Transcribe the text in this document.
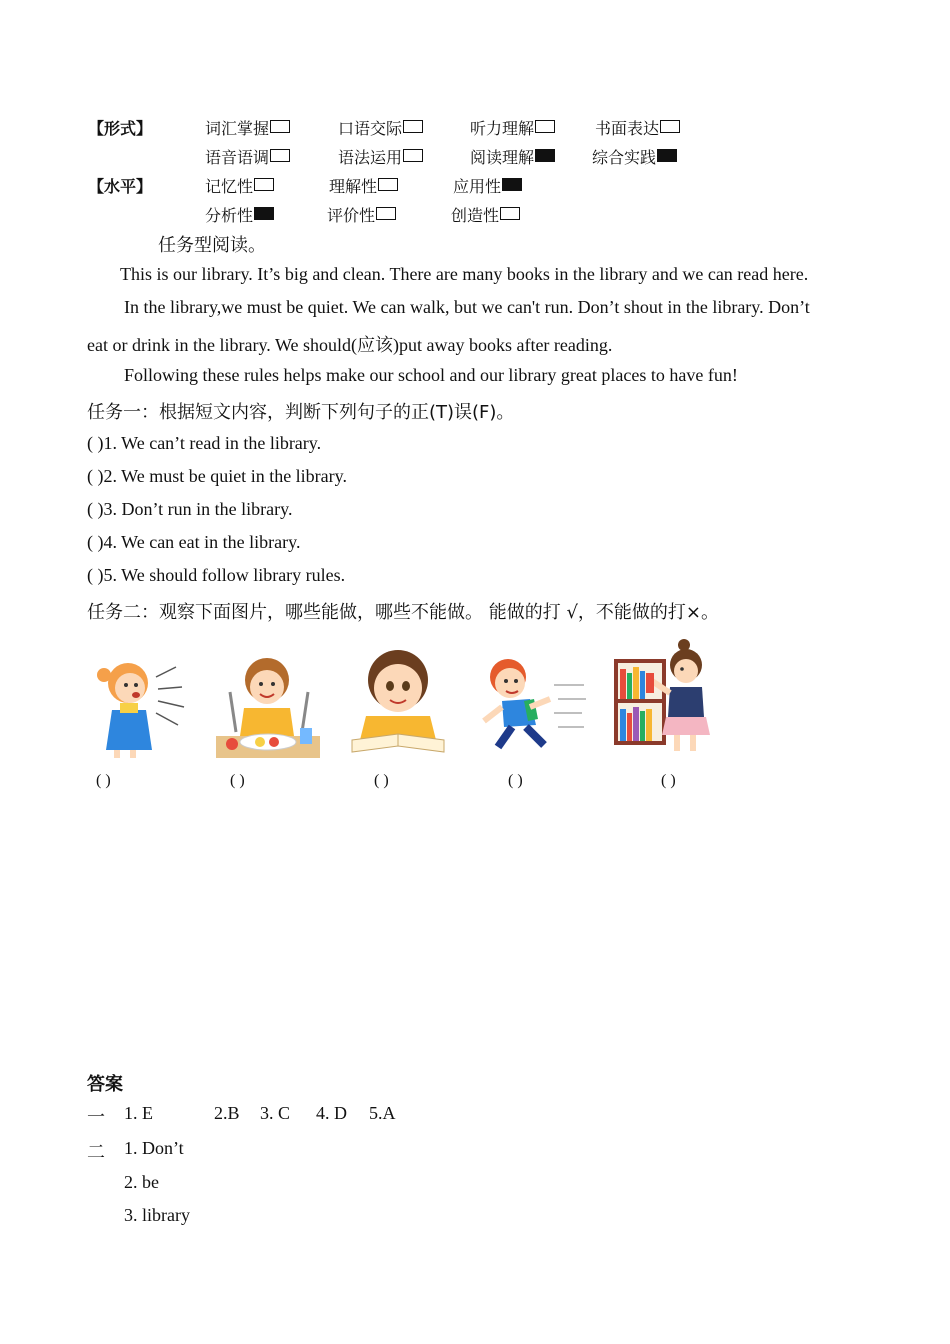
【形式】	词汇掌握	口语交际	听力理解	书面表达
语音语调	语法运用	阅读理解	综合实践
【水平】	记忆性	理解性	应用性
分析性	评价性	创造性
任务型阅读。
This is our library. It’s big and clean. There are many books in the library and we can read here.
In the library,we must be quiet. We can walk, but we can't run. Don’t shout in the library. Don’t
eat or drink in the library. We should(应该)put away books after reading.
Following these rules helps make our school and our library great places to have fun!
任务一：根据短文内容，判断下列句子的正(T)误(F)。
( )1. We can’t read in the library.
( )2. We must be quiet in the library.
( )3. Don’t run in the library.
( )4. We can eat in the library.
( )5. We should follow library rules.
任务二：观察下面图片，哪些能做，哪些不能做。 能做的打 √，不能做的打×。
( )	( )	( )	( )	( )
答案
一 1. E	2.B 3. C 4. D 5.A
二 1. Don’t
2. be
3. library
